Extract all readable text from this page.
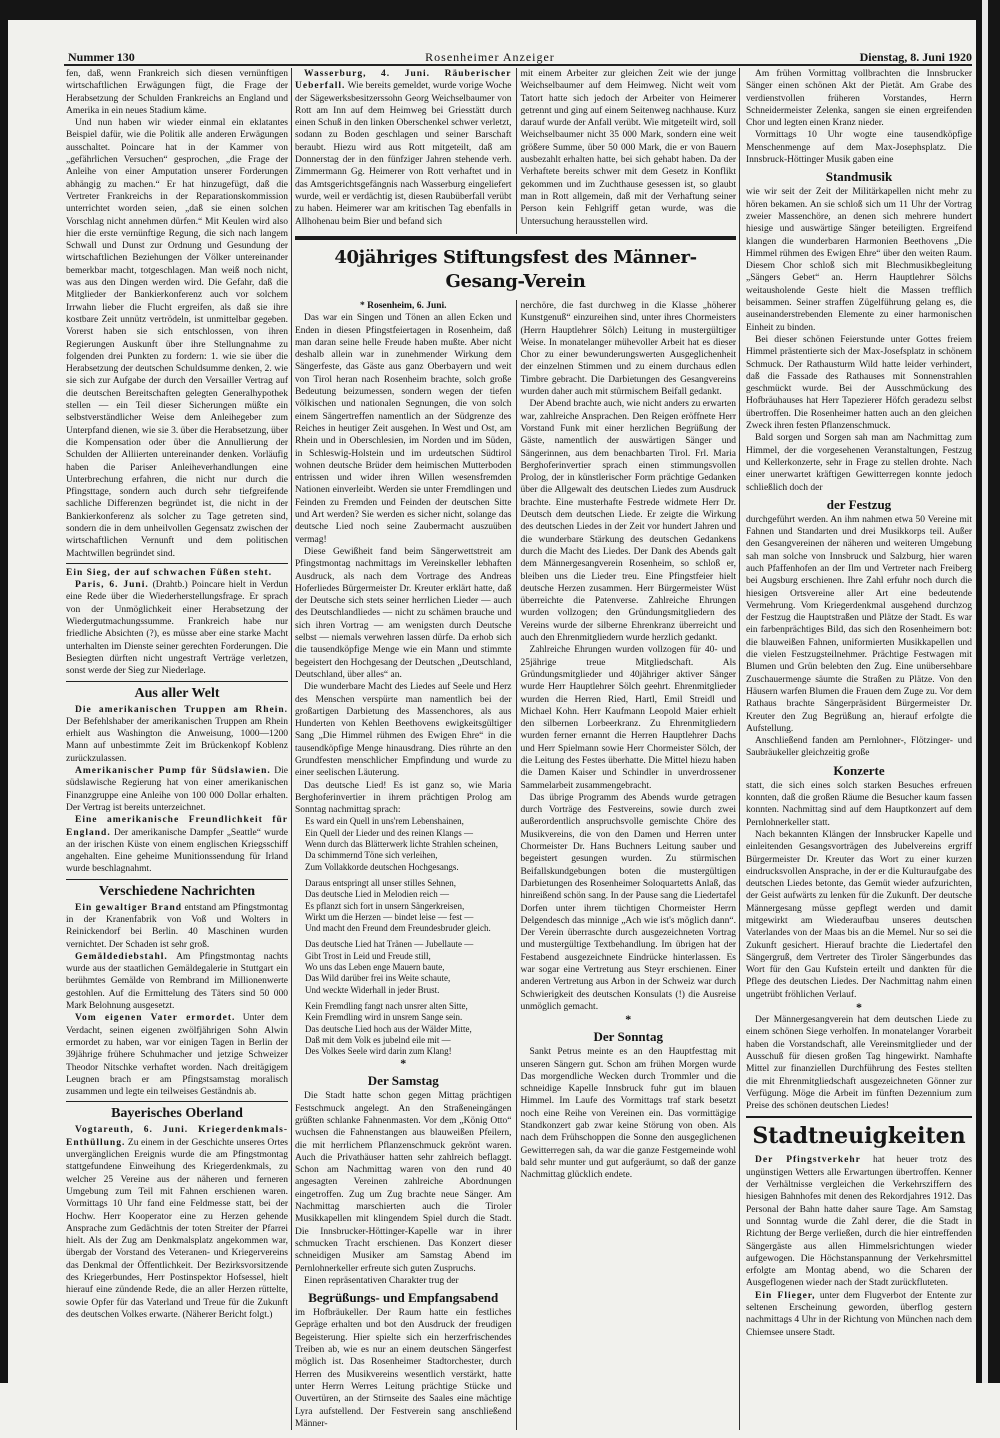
Nummer 130	Rosenheimer Anzeiger	Dienstag, 8. Juni 1920

fen, daß, wenn Frankreich sich diesen vernünftigen wirtschaftlichen Erwägungen fügt, die Frage der Herabsetzung der Schulden Frankreichs an England und Amerika in ein neues Stadium käme.

Und nun haben wir wieder einmal ein eklatantes Beispiel dafür, wie die Politik alle anderen Erwägungen ausschaltet. Poincare hat in der Kammer von „gefährlichen Versuchen“ gesprochen, „die Frage der Anleihe von einer Amputation unserer Forderungen abhängig zu machen.“ Er hat hinzugefügt, daß die Vertreter Frankreichs in der Reparationskommission unterrichtet worden seien, „daß sie einen solchen Vorschlag nicht annehmen dürfen.“ Mit Keulen wird also hier die erste vernünftige Regung, die sich nach langem Schwall und Dunst zur Ordnung und Gesundung der wirtschaftlichen Beziehungen der Völker untereinander bemerkbar macht, totgeschlagen. Man weiß noch nicht, was aus den Dingen werden wird. Die Gefahr, daß die Mitglieder der Bankierkonferenz auch vor solchem Irrwahn lieber die Flucht ergreifen, als daß sie ihre kostbare Zeit unnütz vertrödeln, ist unmittelbar gegeben. Vorerst haben sie sich entschlossen, von ihren Regierungen Auskunft über ihre Stellungnahme zu folgenden drei Punkten zu fordern: 1. wie sie über die Herabsetzung der deutschen Schuldsumme denken, 2. wie sie sich zur Aufgabe der durch den Versailler Vertrag auf die deutschen Bereitschaften gelegten Generalhypothek stellen — ein Teil dieser Sicherungen müßte ein selbstverständlicher Weise dem Anleihegeber zum Unterpfand dienen, wie sie 3. über die Herabsetzung, über die Kompensation oder über die Annullierung der Schulden der Alliierten untereinander denken. Vorläufig haben die Pariser Anleiheverhandlungen eine Unterbrechung erfahren, die nicht nur durch die Pfingsttage, sondern auch durch sehr tiefgreifende sachliche Differenzen begründet ist, die nicht in der Bankierkonferenz als solcher zu Tage getreten sind, sondern die in dem unheilvollen Gegensatz zwischen der wirtschaftlichen Vernunft und dem politischen Machtwillen begründet sind.

Ein Sieg, der auf schwachen Füßen steht.

Paris, 6. Juni. (Drahtb.) Poincare hielt in Verdun eine Rede über die Wiederherstellungsfrage. Er sprach von der Unmöglichkeit einer Herabsetzung der Wiedergutmachungssumme. Frankreich habe nur friedliche Absichten (?), es müsse aber eine starke Macht unterhalten im Dienste seiner gerechten Forderungen. Die Besiegten dürften nicht ungestraft Verträge verletzen, sonst werde der Sieg zur Niederlage.

Aus aller Welt

Die amerikanischen Truppen am Rhein. Der Befehlshaber der amerikanischen Truppen am Rhein erhielt aus Washington die Anweisung, 1000—1200 Mann auf unbestimmte Zeit im Brückenkopf Koblenz zurückzulassen.

Amerikanischer Pump für Südslawien. Die südslawische Regierung hat von einer amerikanischen Finanzgruppe eine Anleihe von 100 000 Dollar erhalten. Der Vertrag ist bereits unterzeichnet.

Eine amerikanische Freundlichkeit für England. Der amerikanische Dampfer „Seattle“ wurde an der irischen Küste von einem englischen Kriegsschiff angehalten. Eine geheime Munitionssendung für Irland wurde beschlagnahmt.

Verschiedene Nachrichten

Ein gewaltiger Brand entstand am Pfingstmontag in der Kranenfabrik von Voß und Wolters in Reinickendorf bei Berlin. 40 Maschinen wurden vernichtet. Der Schaden ist sehr groß.

Gemäldediebstahl. Am Pfingstmontag nachts wurde aus der staatlichen Gemäldegalerie in Stuttgart ein berühmtes Gemälde von Rembrand im Millionenwerte gestohlen. Auf die Ermittelung des Täters sind 50 000 Mark Belohnung ausgesetzt.

Vom eigenen Vater ermordet. Unter dem Verdacht, seinen eigenen zwölfjährigen Sohn Alwin ermordet zu haben, war vor einigen Tagen in Berlin der 39jährige frühere Schuhmacher und jetzige Schweizer Theodor Nitschke verhaftet worden. Nach dreitägigem Leugnen brach er am Pfingstsamstag moralisch zusammen und legte ein teilweises Geständnis ab.

Bayerisches Oberland

Vogtareuth, 6. Juni. Kriegerdenkmals-Enthüllung. Zu einem in der Geschichte unseres Ortes unvergänglichen Ereignis wurde die am Pfingstmontag stattgefundene Einweihung des Kriegerdenkmals, zu welcher 25 Vereine aus der näheren und ferneren Umgebung zum Teil mit Fahnen erschienen waren. Vormittags 10 Uhr fand eine Feldmesse statt, bei der Hochw. Herr Kooperator eine zu Herzen gehende Ansprache zum Gedächtnis der toten Streiter der Pfarrei hielt. Als der Zug am Denkmalsplatz angekommen war, übergab der Vorstand des Veteranen- und Kriegervereins das Denkmal der Öffentlichkeit. Der Bezirksvorsitzende des Kriegerbundes, Herr Postinspektor Hofsessel, hielt hierauf eine zündende Rede, die an aller Herzen rüttelte, sowie Opfer für das Vaterland und Treue für die Zukunft des deutschen Volkes erwarte. (Näherer Bericht folgt.)

Wasserburg, 4. Juni. Räuberischer Ueberfall. Wie bereits gemeldet, wurde vorige Woche der Sägewerksbesitzerssohn Georg Weichselbaumer von Rott am Inn auf dem Heimweg bei Griesstätt durch einen Schuß in den linken Oberschenkel schwer verletzt, sodann zu Boden geschlagen und seiner Barschaft beraubt. Hiezu wird aus Rott mitgeteilt, daß am Donnerstag der in den fünfziger Jahren stehende verh. Zimmermann Gg. Heimerer von Rott verhaftet und in das Amtsgerichtsgefängnis nach Wasserburg eingeliefert wurde, weil er verdächtig ist, diesen Raubüberfall verübt zu haben. Heimerer war am kritischen Tag ebenfalls in Allhohenau beim Bier und befand sich

mit einem Arbeiter zur gleichen Zeit wie der junge Weichselbaumer auf dem Heimweg. Nicht weit vom Tatort hatte sich jedoch der Arbeiter von Heimerer getrennt und ging auf einem Seitenweg nachhause. Kurz darauf wurde der Anfall verübt. Wie mitgeteilt wird, soll Weichselbaumer nicht 35 000 Mark, sondern eine weit größere Summe, über 50 000 Mark, die er von Bauern ausbezahlt erhalten hatte, bei sich gehabt haben. Da der Verhaftete bereits schwer mit dem Gesetz in Konflikt gekommen und im Zuchthause gesessen ist, so glaubt man in Rott allgemein, daß mit der Verhaftung seiner Person kein Fehlgriff getan wurde, was die Untersuchung herausstellen wird.

40jähriges Stiftungsfest des Männer-Gesang-Verein
* Rosenheim, 6. Juni.

Das war ein Singen und Tönen an allen Ecken und Enden in diesen Pfingstfeiertagen in Rosenheim, daß man daran seine helle Freude haben mußte. Aber nicht deshalb allein war in zunehmender Wirkung dem Sängerfeste, das Gäste aus ganz Oberbayern und weit von Tirol heran nach Rosenheim brachte, solch große Bedeutung beizumessen, sondern wegen der tiefen völkischen und nationalen Segnungen, die von solch einem Sängertreffen namentlich an der Südgrenze des Reiches in heutiger Zeit ausgehen. In West und Ost, am Rhein und in Oberschlesien, im Norden und im Süden, in Schleswig-Holstein und im urdeutschen Südtirol wohnen deutsche Brüder dem heimischen Mutterboden entrissen und wider ihren Willen wesensfremden Nationen einverleibt. Werden sie unter Fremdlingen und Feinden zu Fremden und Feinden der deutschen Sitte und Art werden? Sie werden es sicher nicht, solange das deutsche Lied noch seine Zaubermacht auszuüben vermag!

Diese Gewißheit fand beim Sängerwettstreit am Pfingstmontag nachmittags im Vereinskeller lebhaften Ausdruck, als nach dem Vortrage des Andreas Hoferliedes Bürgermeister Dr. Kreuter erklärt hatte, daß der Deutsche sich stets seiner herrlichen Lieder — auch des Deutschlandliedes — nicht zu schämen brauche und sich ihren Vortrag — am wenigsten durch Deutsche selbst — niemals verwehren lassen dürfe. Da erhob sich die tausendköpfige Menge wie ein Mann und stimmte begeistert den Hochgesang der Deutschen „Deutschland, Deutschland, über alles“ an.

Die wunderbare Macht des Liedes auf Seele und Herz des Menschen verspürte man namentlich bei der großartigen Darbietung des Massenchores, als aus Hunderten von Kehlen Beethovens ewigkeitsgültiger Sang „Die Himmel rühmen des Ewigen Ehre“ in die tausendköpfige Menge hinausdrang. Dies rührte an den Grundfesten menschlicher Empfindung und wurde zu einer seelischen Läuterung.

Das deutsche Lied! Es ist ganz so, wie Maria Berghoferinvertier in ihrem prächtigen Prolog am Sonntag nachmittag sprach:

Es ward ein Quell in uns'rem Lebenshainen,
Ein Quell der Lieder und des reinen Klangs —
Wenn durch das Blätterwerk lichte Strahlen scheinen,
Da schimmernd Töne sich verleihen,
Zum Vollakkorde deutschen Hochgesangs.
Daraus entspringt all unser stilles Sehnen,
Das deutsche Lied in Melodien reich —
Es pflanzt sich fort in unsern Sängerkreisen,
Wirkt um die Herzen — bindet leise — fest —
Und macht den Freund dem Freundesbruder gleich.
Das deutsche Lied hat Tränen — Jubellaute —
Gibt Trost in Leid und Freude still,
Wo uns das Leben enge Mauern baute,
Das Wild darüber frei ins Weite schaute,
Und weckte Widerhall in jeder Brust.
Kein Fremdling fangt nach unsrer alten Sitte,
Kein Fremdling wird in unsrem Sange sein.
Das deutsche Lied hoch aus der Wälder Mitte,
Daß mit dem Volk es jubelnd eile mit —
Des Volkes Seele wird darin zum Klang!
*
Der Samstag

Die Stadt hatte schon gegen Mittag prächtigen Festschmuck angelegt. An den Straßeneingängen grüßten schlanke Fahnenmasten. Vor dem „König Otto“ wuchsen die Fahnenstangen aus blauweißen Pfeilern, die mit herrlichem Pflanzenschmuck gekrönt waren. Auch die Privathäuser hatten sehr zahlreich beflaggt. Schon am Nachmittag waren von den rund 40 angesagten Vereinen zahlreiche Abordnungen eingetroffen. Zug um Zug brachte neue Sänger. Am Nachmittag marschierten auch die Tiroler Musikkapellen mit klingendem Spiel durch die Stadt. Die Innsbrucker-Höttinger-Kapelle war in ihrer schmucken Tracht erschienen. Das Konzert dieser schneidigen Musiker am Samstag Abend im Pernlohnerkeller erfreute sich guten Zuspruchs.

Einen repräsentativen Charakter trug der

Begrüßungs- und Empfangsabend

im Hofbräukeller. Der Raum hatte ein festliches Gepräge erhalten und bot den Ausdruck der freudigen Begeisterung. Hier spielte sich ein herzerfrischendes Treiben ab, wie es nur an einem deutschen Sängerfest möglich ist. Das Rosenheimer Stadtorchester, durch Herren des Musikvereins wesentlich verstärkt, hatte unter Herrn Werres Leitung prächtige Stücke und Ouvertüren, an der Stirnseite des Saales eine mächtige Lyra aufstellend. Der Festverein sang anschließend Männer-

nerchöre, die fast durchweg in die Klasse „höherer Kunstgenuß“ einzureihen sind, unter ihres Chormeisters (Herrn Hauptlehrer Sölch) Leitung in mustergültiger Weise. In monatelanger mühevoller Arbeit hat es dieser Chor zu einer bewunderungswerten Ausgeglichenheit der einzelnen Stimmen und zu einem durchaus edlen Timbre gebracht. Die Darbietungen des Gesangvereins wurden daher auch mit stürmischem Beifall gedankt.

Der Abend brachte auch, wie nicht anders zu erwarten war, zahlreiche Ansprachen. Den Reigen eröffnete Herr Vorstand Funk mit einer herzlichen Begrüßung der Gäste, namentlich der auswärtigen Sänger und Sängerinnen, aus dem benachbarten Tirol. Frl. Maria Berghoferinvertier sprach einen stimmungsvollen Prolog, der in künstlerischer Form prächtige Gedanken über die Allgewalt des deutschen Liedes zum Ausdruck brachte. Eine musterhafte Festrede widmete Herr Dr. Deutsch dem deutschen Liede. Er zeigte die Wirkung des deutschen Liedes in der Zeit vor hundert Jahren und die wunderbare Stärkung des deutschen Gedankens durch die Macht des Liedes. Der Dank des Abends galt dem Männergesangverein Rosenheim, so schloß er, bleiben uns die Lieder treu. Eine Pfingstfeier hielt deutsche Herzen zusammen. Herr Bürgermeister Wüst überreichte die Patenverse. Zahlreiche Ehrungen wurden vollzogen; den Gründungsmitgliedern des Vereins wurde der silberne Ehrenkranz überreicht und auch den Ehrenmitgliedern wurde herzlich gedankt.

Zahlreiche Ehrungen wurden vollzogen für 40- und 25jährige treue Mitgliedschaft. Als Gründungsmitglieder und 40jähriger aktiver Sänger wurde Herr Hauptlehrer Sölch geehrt. Ehrenmitglieder wurden die Herren Ried, Hartl, Emil Streidl und Michael Kohn. Herr Kaufmann Leopold Maier erhielt den silbernen Lorbeerkranz. Zu Ehrenmitgliedern wurden ferner ernannt die Herren Hauptlehrer Dachs und Herr Spielmann sowie Herr Chormeister Sölch, der die Leitung des Festes überhatte. Die Mittel hiezu haben die Damen Kaiser und Schindler in unverdrossener Sammelarbeit zusammengebracht.

Das übrige Programm des Abends wurde getragen durch Vorträge des Festvereins, sowie durch zwei außerordentlich anspruchsvolle gemischte Chöre des Musikvereins, die von den Damen und Herren unter Chormeister Dr. Hans Buchners Leitung sauber und begeistert gesungen wurden. Zu stürmischen Beifallskundgebungen boten die mustergültigen Darbietungen des Rosenheimer Soloquartetts Anlaß, das hinreißend schön sang. In der Pause sang die Liedertafel Dorfen unter ihrem tüchtigen Chormeister Herrn Delgendesch das minnige „Ach wie ist's möglich dann“. Der Verein überraschte durch ausgezeichneten Vortrag und mustergültige Textbehandlung. Im übrigen hat der Festabend ausgezeichnete Eindrücke hinterlassen. Es war sogar eine Vertretung aus Steyr erschienen. Einer anderen Vertretung aus Arbon in der Schweiz war durch Schwierigkeit des deutschen Konsulats (!) die Ausreise unmöglich gemacht.

*
Der Sonntag

Sankt Petrus meinte es an den Hauptfesttag mit unseren Sängern gut. Schon am frühen Morgen wurde Das morgendliche Wecken durch Trommler und die schneidige Kapelle Innsbruck fuhr gut im blauen Himmel. Im Laufe des Vormittags traf stark besetzt noch eine Reihe von Vereinen ein. Das vormittägige Standkonzert gab zwar keine Störung von oben. Als nach dem Frühschoppen die Sonne den ausgeglichenen Gewitterregen sah, da war die ganze Festgemeinde wohl bald sehr munter und gut aufgeräumt, so daß der ganze Nachmittag glücklich endete.

Am frühen Vormittag vollbrachten die Innsbrucker Sänger einen schönen Akt der Pietät. Am Grabe des verdienstvollen früheren Vorstandes, Herrn Schneidermeister Zelenka, sangen sie einen ergreifenden Chor und legten einen Kranz nieder.

Vormittags 10 Uhr wogte eine tausendköpfige Menschenmenge auf dem Max-Josephsplatz. Die Innsbruck-Höttinger Musik gaben eine

Standmusik

wie wir seit der Zeit der Militärkapellen nicht mehr zu hören bekamen. An sie schloß sich um 11 Uhr der Vortrag zweier Massenchöre, an denen sich mehrere hundert hiesige und auswärtige Sänger beteiligten. Ergreifend klangen die wunderbaren Harmonien Beethovens „Die Himmel rühmen des Ewigen Ehre“ über den weiten Raum. Diesem Chor schloß sich mit Blechmusikbegleitung „Sängers Gebet“ an. Herrn Hauptlehrer Sölchs weitausholende Geste hielt die Massen trefflich beisammen. Seiner straffen Zügelführung gelang es, die auseinanderstrebenden Elemente zu einer harmonischen Einheit zu binden.

Bei dieser schönen Feierstunde unter Gottes freiem Himmel prästentierte sich der Max-Josefsplatz in schönem Schmuck. Der Rathausturm Wild hatte leider verhindert, daß die Fassade des Rathauses mit Sonnenstrahlen geschmückt wurde. Bei der Ausschmückung des Hofbräuhauses hat Herr Tapezierer Höfch geradezu selbst übertroffen. Die Rosenheimer hatten auch an den gleichen Zweck ihren festen Pflanzenschmuck.

Bald sorgen und Sorgen sah man am Nachmittag zum Himmel, der die vorgesehenen Veranstaltungen, Festzug und Kellerkonzerte, sehr in Frage zu stellen drohte. Nach einer unerwartet kräftigen Gewitterregen konnte jedoch schließlich doch der

der Festzug

durchgeführt werden. An ihm nahmen etwa 50 Vereine mit Fahnen und Standarten und drei Musikkorps teil. Außer den Gesangvereinen der näheren und weiteren Umgebung sah man solche von Innsbruck und Salzburg, hier waren auch Pfaffenhofen an der Ilm und Vertreter nach Freiberg bei Augsburg erschienen. Ihre Zahl erfuhr noch durch die hiesigen Ortsvereine aller Art eine bedeutende Vermehrung. Vom Kriegerdenkmal ausgehend durchzog der Festzug die Hauptstraßen und Plätze der Stadt. Es war ein farbenprächtiges Bild, das sich den Rosenheimern bot: die blauweißen Fahnen, uniformierten Musikkapellen und die vielen Festzugsteilnehmer. Prächtige Festwagen mit Blumen und Grün belebten den Zug. Eine unübersehbare Zuschauermenge säumte die Straßen zu Plätze. Von den Häusern warfen Blumen die Frauen dem Zuge zu. Vor dem Rathaus brachte Sängerpräsident Bürgermeister Dr. Kreuter den Zug Begrüßung an, hierauf erfolgte die Aufstellung.

Anschließend fanden am Pernlohner-, Flötzinger- und Saubräukeller gleichzeitig große

Konzerte

statt, die sich eines solch starken Besuches erfreuen konnten, daß die großen Räume die Besucher kaum fassen konnten. Nachmittag sind auf dem Hauptkonzert auf dem Pernlohnerkeller statt.

Nach bekannten Klängen der Innsbrucker Kapelle und einleitenden Gesangsvorträgen des Jubelvereins ergriff Bürgermeister Dr. Kreuter das Wort zu einer kurzen eindrucksvollen Ansprache, in der er die Kulturaufgabe des deutschen Liedes betonte, das Gemüt wieder aufzurichten, der Geist aufwärts zu lenken für die Zukunft. Der deutsche Männergesang müsse gepflegt werden und damit mitgewirkt am Wiederaufbau unseres deutschen Vaterlandes von der Maas bis an die Memel. Nur so sei die Zukunft gesichert. Hierauf brachte die Liedertafel den Sängergruß, dem Vertreter des Tiroler Sängerbundes das Wort für den Gau Kufstein erteilt und dankten für die Pflege des deutschen Liedes. Der Nachmittag nahm einen ungetrübt fröhlichen Verlauf.

*

Der Männergesangverein hat dem deutschen Liede zu einem schönen Siege verholfen. In monatelanger Vorarbeit haben die Vorstandschaft, alle Vereinsmitglieder und der Ausschuß für diesen großen Tag hingewirkt. Namhafte Mittel zur finanziellen Durchführung des Festes stellten die mit Ehrenmitgliedschaft ausgezeichneten Gönner zur Verfügung. Möge die Arbeit im fünften Dezennium zum Preise des schönen deutschen Liedes!

Stadtneuigkeiten

Der Pfingstverkehr hat heuer trotz des ungünstigen Wetters alle Erwartungen übertroffen. Kenner der Verhältnisse vergleichen die Verkehrsziffern des hiesigen Bahnhofes mit denen des Rekordjahres 1912. Das Personal der Bahn hatte daher saure Tage. Am Samstag und Sonntag wurde die Zahl derer, die die Stadt in Richtung der Berge verließen, durch die hier eintreffenden Sängergäste aus allen Himmelsrichtungen wieder aufgewogen. Die Höchstanspannung der Verkehrsmittel erfolgte am Montag abend, wo die Scharen der Ausgeflogenen wieder nach der Stadt zurückfluteten.

Ein Flieger, unter dem Flugverbot der Entente zur seltenen Erscheinung geworden, überflog gestern nachmittags 4 Uhr in der Richtung von München nach dem Chiemsee unsere Stadt.
